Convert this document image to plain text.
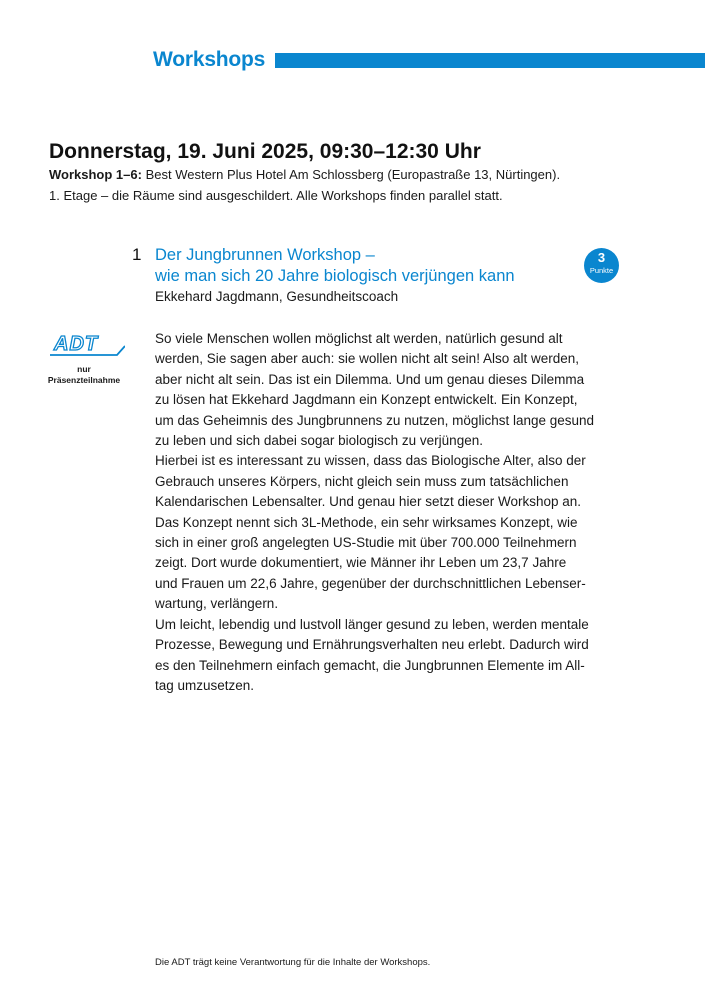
Workshops
Donnerstag, 19. Juni 2025, 09:30–12:30 Uhr
Workshop 1–6: Best Western Plus Hotel Am Schlossberg (Europastraße 13, Nürtingen).
1. Etage – die Räume sind ausgeschildert. Alle Workshops finden parallel statt.
1 Der Jungbrunnen Workshop –
wie man sich 20 Jahre biologisch verjüngen kann
Ekkehard Jagdmann, Gesundheitscoach
3
Punkte
ADT
nur
Präsenzteilnahme

So viele Menschen wollen möglichst alt werden, natürlich gesund alt

werden, Sie sagen aber auch: sie wollen nicht alt sein! Also alt werden,

aber nicht alt sein. Das ist ein Dilemma. Und um genau dieses Dilemma

zu lösen hat Ekkehard Jagdmann ein Konzept entwickelt. Ein Konzept,

um das Geheimnis des Jungbrunnens zu nutzen, möglichst lange gesund

zu leben und sich dabei sogar biologisch zu verjüngen.

Hierbei ist es interessant zu wissen, dass das Biologische Alter, also der

Gebrauch unseres Körpers, nicht gleich sein muss zum tatsächlichen

Kalendarischen Lebensalter. Und genau hier setzt dieser Workshop an.

Das Konzept nennt sich 3L-Methode, ein sehr wirksames Konzept, wie

sich in einer groß angelegten US-Studie mit über 700.000 Teilnehmern

zeigt. Dort wurde dokumentiert, wie Männer ihr Leben um 23,7 Jahre

und Frauen um 22,6 Jahre, gegenüber der durchschnittlichen Lebenser-

wartung, verlängern.

Um leicht, lebendig und lustvoll länger gesund zu leben, werden mentale

Prozesse, Bewegung und Ernährungsverhalten neu erlebt. Dadurch wird

es den Teilnehmern einfach gemacht, die Jungbrunnen Elemente im All-

tag umzusetzen.

Die ADT trägt keine Verantwortung für die Inhalte der Workshops.
